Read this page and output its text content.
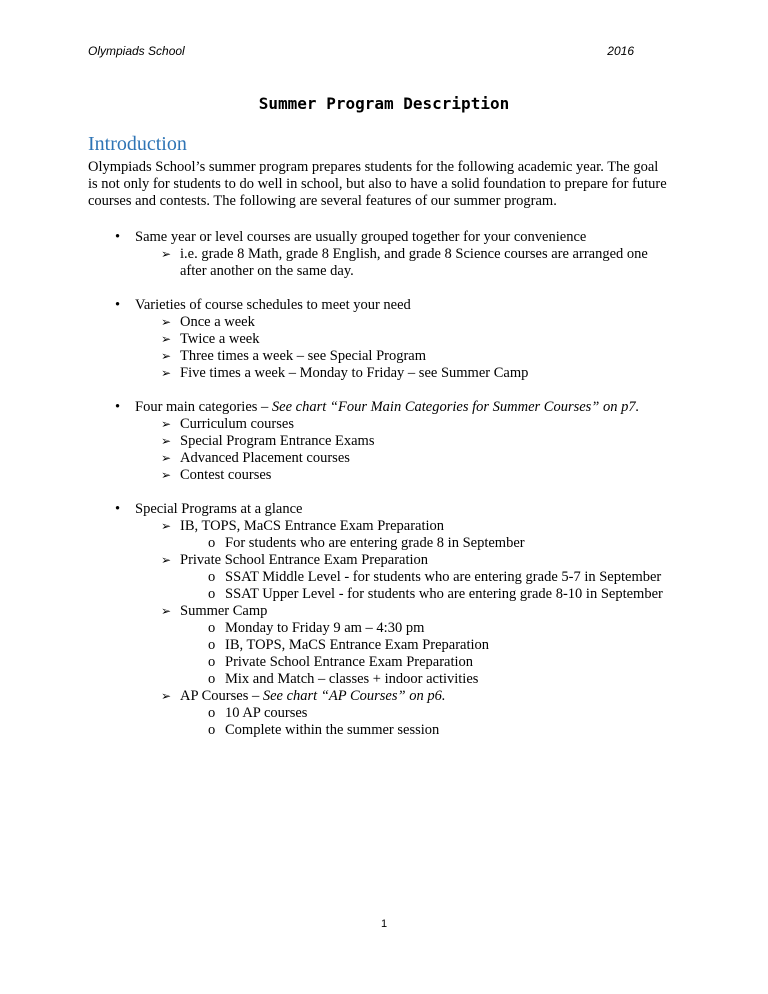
Olympiads School	2016
Summer Program Description
Introduction

Olympiads School’s summer program prepares students for the following academic year. The goal is not only for students to do well in school, but also to have a solid foundation to prepare for future courses and contests. The following are several features of our summer program.

• Same year or level courses are usually grouped together for your convenience
➢ i.e. grade 8 Math, grade 8 English, and grade 8 Science courses are arranged one after another on the same day.
• Varieties of course schedules to meet your need
➢ Once a week
➢ Twice a week
➢ Three times a week – see Special Program
➢ Five times a week – Monday to Friday – see Summer Camp
• Four main categories – See chart “Four Main Categories for Summer Courses” on p7.
➢ Curriculum courses
➢ Special Program Entrance Exams
➢ Advanced Placement courses
➢ Contest courses
• Special Programs at a glance
➢ IB, TOPS, MaCS Entrance Exam Preparation
o For students who are entering grade 8 in September
➢ Private School Entrance Exam Preparation
o SSAT Middle Level - for students who are entering grade 5-7 in September
o SSAT Upper Level - for students who are entering grade 8-10 in September
➢ Summer Camp
o Monday to Friday 9 am – 4:30 pm
o IB, TOPS, MaCS Entrance Exam Preparation
o Private School Entrance Exam Preparation
o Mix and Match – classes + indoor activities
➢ AP Courses – See chart “AP Courses” on p6.
o 10 AP courses
o Complete within the summer session
1
